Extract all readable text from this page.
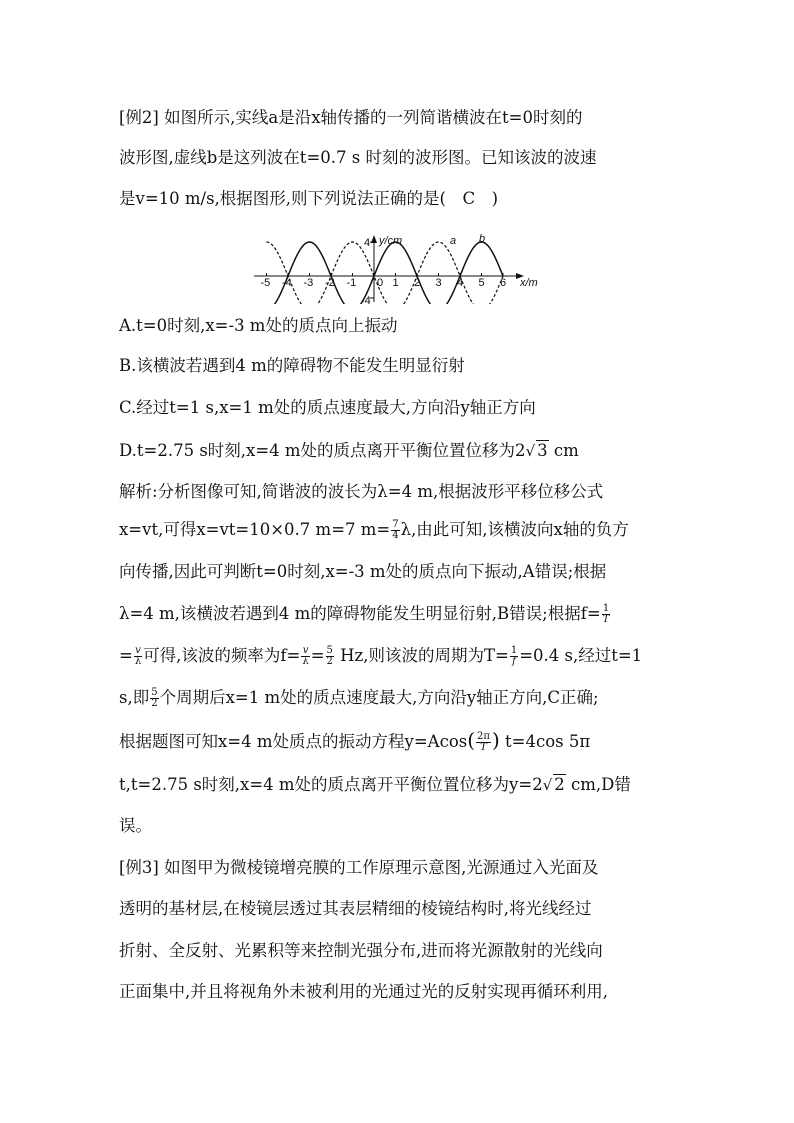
[例2] 如图所示,实线a是沿x轴传播的一列简谐横波在t=0时刻的
波形图,虚线b是这列波在t=0.7 s 时刻的波形图。已知该波的波速
是v=10 m/s,根据图形,则下列说法正确的是(　C　)
-5 -4 -3 -2 -1 0 1 2 3 4 5 6
y/cm
4
-4
a b
x/m
A.t=0时刻,x=-3 m处的质点向上振动
B.该横波若遇到4 m的障碍物不能发生明显衍射
C.经过t=1 s,x=1 m处的质点速度最大,方向沿y轴正方向
D.t=2.75 s时刻,x=4 m处的质点离开平衡位置位移为2√ 3 cm
解析:分析图像可知,简谐波的波长为λ=4 m,根据波形平移位移公式
x=vt,可得x=vt=10×0.7 m=7 $m= \frac{7}{4} \lambda$,由此可知,该横波向x轴的负方
向传播,因此可判断t=0时刻,x=-3 m处的质点向下振动,A错误;根据
λ=4 m,该横波若遇到4 m的障碍物能发生明显衍射,B错误;根据$f= \frac{1}{T}$
= $\frac{v}{\lambda}$ 可得,该波的频率为$f= \frac{v}{\lambda} = \frac{5}{2} Hz$,则该波的周期为$T= \frac{1}{f} =0.4$ s,经过t=1
s,即 $\frac{5}{2}$ 个周期后x=1 m处的质点速度最大,方向沿y轴正方向,C正确;
根据题图可知x=4 m处质点的振动方程$y=Acos( \frac{2\pi}{T}$ ) t=4cos 5π
t,t=2.75 s时刻,x=4 m处的质点离开平衡位置位移为y=2√ 2 cm,D错
误。
[例3] 如图甲为微棱镜增亮膜的工作原理示意图,光源通过入光面及
透明的基材层,在棱镜层透过其表层精细的棱镜结构时,将光线经过
折射、全反射、光累积等来控制光强分布,进而将光源散射的光线向
正面集中,并且将视角外未被利用的光通过光的反射实现再循环利用,
